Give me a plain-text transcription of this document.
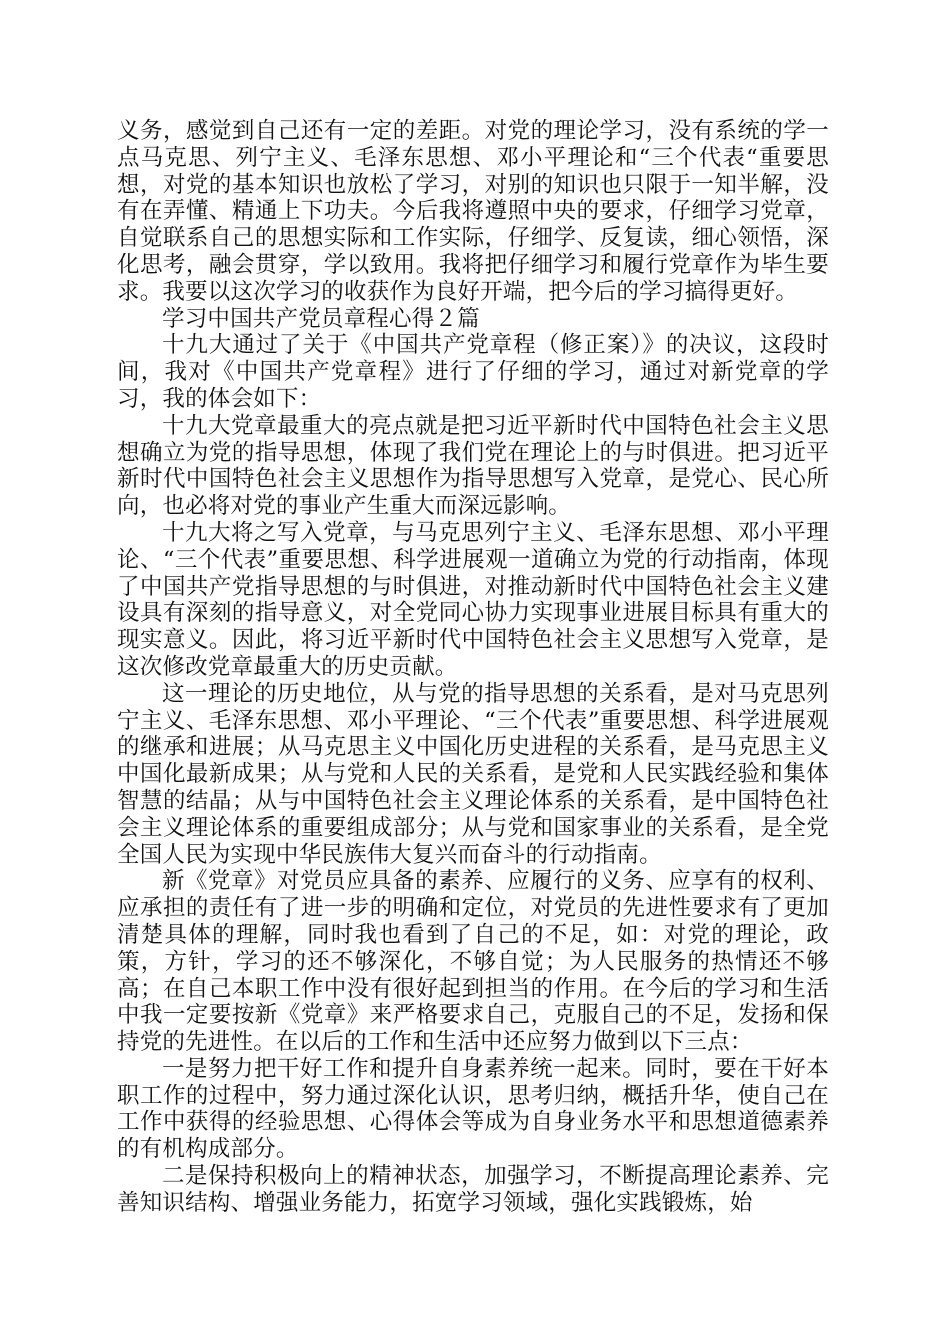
义务，感觉到自己还有一定的差距。对党的理论学习，没有系统的学一点马克思、列宁主义、毛泽东思想、邓小平理论和“三个代表“重要思想，对党的基本知识也放松了学习，对别的知识也只限于一知半解，没有在弄懂、精通上下功夫。今后我将遵照中央的要求，仔细学习党章，自觉联系自己的思想实际和工作实际，仔细学、反复读，细心领悟，深化思考，融会贯穿，学以致用。我将把仔细学习和履行党章作为毕生要求。我要以这次学习的收获作为良好开端，把今后的学习搞得更好。

学习中国共产党员章程心得２篇

十九大通过了关于《中国共产党章程（修正案）》的决议，这段时间，我对《中国共产党章程》进行了仔细的学习，通过对新党章的学习，我的体会如下：

十九大党章最重大的亮点就是把习近平新时代中国特色社会主义思想确立为党的指导思想，体现了我们党在理论上的与时俱进。把习近平新时代中国特色社会主义思想作为指导思想写入党章，是党心、民心所向，也必将对党的事业产生重大而深远影响。

十九大将之写入党章，与马克思列宁主义、毛泽东思想、邓小平理论、“三个代表”重要思想、科学进展观一道确立为党的行动指南，体现了中国共产党指导思想的与时俱进，对推动新时代中国特色社会主义建设具有深刻的指导意义，对全党同心协力实现事业进展目标具有重大的现实意义。因此，将习近平新时代中国特色社会主义思想写入党章，是这次修改党章最重大的历史贡献。

这一理论的历史地位，从与党的指导思想的关系看，是对马克思列宁主义、毛泽东思想、邓小平理论、“三个代表”重要思想、科学进展观的继承和进展；从马克思主义中国化历史进程的关系看，是马克思主义中国化最新成果；从与党和人民的关系看，是党和人民实践经验和集体智慧的结晶；从与中国特色社会主义理论体系的关系看，是中国特色社会主义理论体系的重要组成部分；从与党和国家事业的关系看，是全党全国人民为实现中华民族伟大复兴而奋斗的行动指南。

新《党章》对党员应具备的素养、应履行的义务、应享有的权利、应承担的责任有了进一步的明确和定位，对党员的先进性要求有了更加清楚具体的理解，同时我也看到了自己的不足，如：对党的理论，政策，方针，学习的还不够深化，不够自觉；为人民服务的热情还不够高；在自己本职工作中没有很好起到担当的作用。在今后的学习和生活中我一定要按新《党章》来严格要求自己，克服自己的不足，发扬和保持党的先进性。在以后的工作和生活中还应努力做到以下三点：

一是努力把干好工作和提升自身素养统一起来。同时，要在干好本职工作的过程中，努力通过深化认识，思考归纳，概括升华，使自己在工作中获得的经验思想、心得体会等成为自身业务水平和思想道德素养的有机构成部分。

二是保持积极向上的精神状态，加强学习，不断提高理论素养、完善知识结构、增强业务能力，拓宽学习领域，强化实践锻炼，始
